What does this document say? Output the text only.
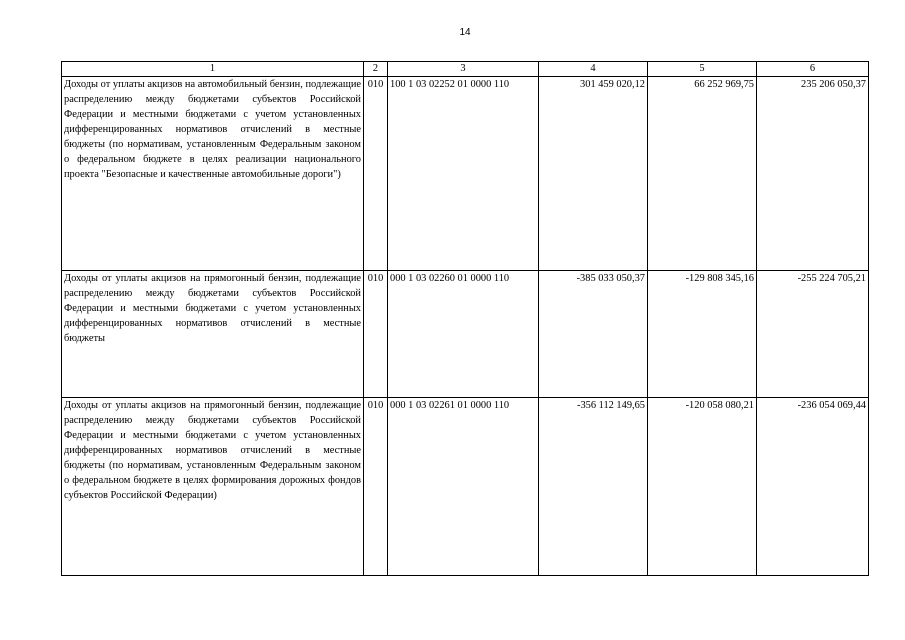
14
1	2	3	4	5	6
Доходы от уплаты акцизов на автомобильный бензин, подлежащие распределению между бюджетами субъектов Российской Федерации и местными бюджетами с учетом установленных дифференцированных нормативов отчислений в местные бюджеты (по нормативам, установленным Федеральным законом о федеральном бюджете в целях реализации национального проекта "Безопасные и качественные автомобильные дороги")	010	100 1 03 02252 01 0000 110	301 459 020,12	66 252 969,75	235 206 050,37
Доходы от уплаты акцизов на прямогонный бензин, подлежащие распределению между бюджетами субъектов Российской Федерации и местными бюджетами с учетом установленных дифференцированных нормативов отчислений в местные бюджеты	010	000 1 03 02260 01 0000 110	-385 033 050,37	-129 808 345,16	-255 224 705,21
Доходы от уплаты акцизов на прямогонный бензин, подлежащие распределению между бюджетами субъектов Российской Федерации и местными бюджетами с учетом установленных дифференцированных нормативов отчислений в местные бюджеты (по нормативам, установленным Федеральным законом о федеральном бюджете в целях формирования дорожных фондов субъектов Российской Федерации)	010	000 1 03 02261 01 0000 110	-356 112 149,65	-120 058 080,21	-236 054 069,44
